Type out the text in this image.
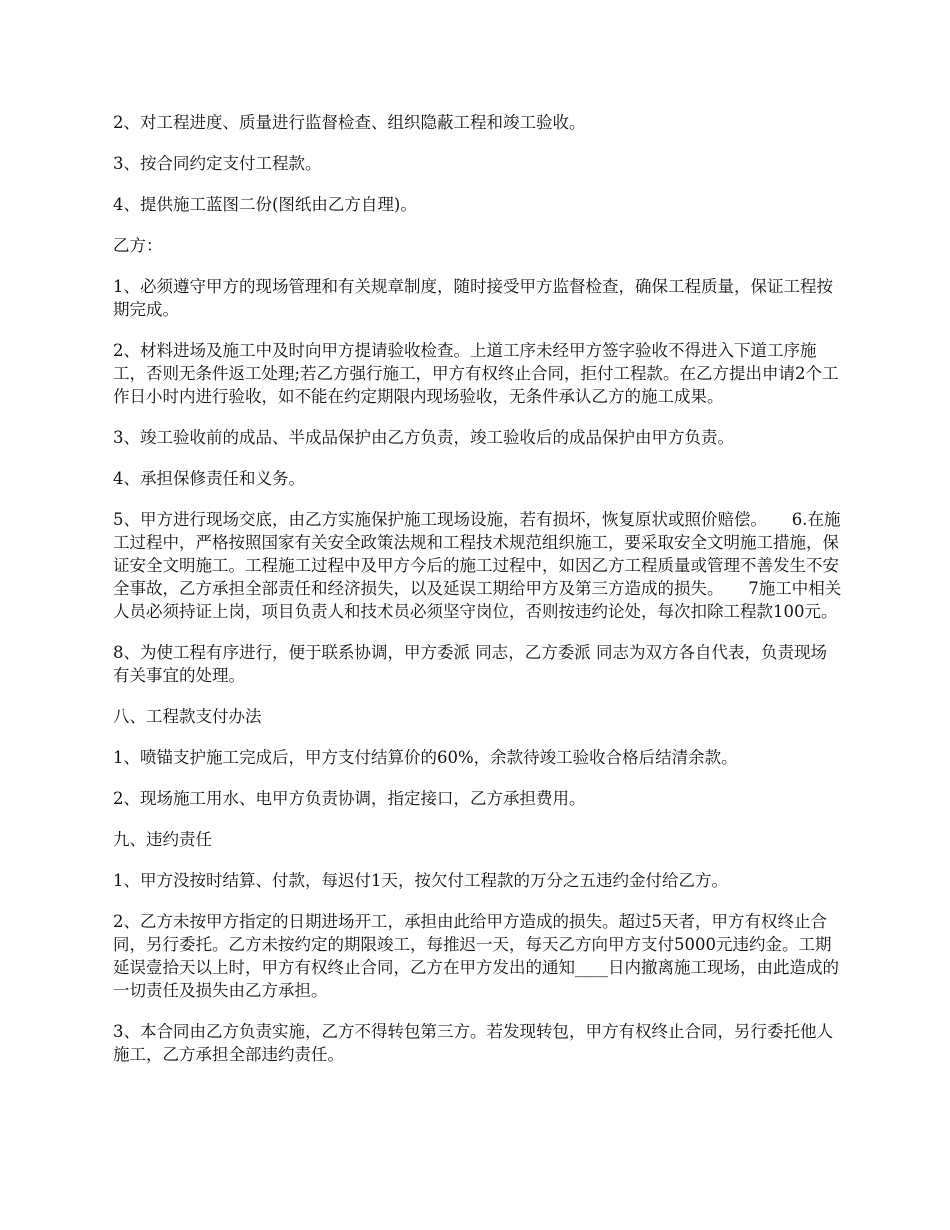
2、对工程进度、质量进行监督检查、组织隐蔽工程和竣工验收。

3、按合同约定支付工程款。

4、提供施工蓝图二份(图纸由乙方自理)。

乙方：

1、必须遵守甲方的现场管理和有关规章制度，随时接受甲方监督检查，确保工程质量，保证工程按期完成。

2、材料进场及施工中及时向甲方提请验收检查。上道工序未经甲方签字验收不得进入下道工序施工，否则无条件返工处理;若乙方强行施工，甲方有权终止合同，拒付工程款。在乙方提出申请2个工作日小时内进行验收，如不能在约定期限内现场验收，无条件承认乙方的施工成果。

3、竣工验收前的成品、半成品保护由乙方负责，竣工验收后的成品保护由甲方负责。

4、承担保修责任和义务。

5、甲方进行现场交底，由乙方实施保护施工现场设施，若有损坏，恢复原状或照价赔偿。　　6.在施工过程中，严格按照国家有关安全政策法规和工程技术规范组织施工，要采取安全文明施工措施，保证安全文明施工。工程施工过程中及甲方今后的施工过程中，如因乙方工程质量或管理不善发生不安全事故，乙方承担全部责任和经济损失，以及延误工期给甲方及第三方造成的损失。　　7施工中相关人员必须持证上岗，项目负责人和技术员必须坚守岗位，否则按违约论处，每次扣除工程款100元。

8、为使工程有序进行，便于联系协调，甲方委派 同志，乙方委派 同志为双方各自代表，负责现场有关事宜的处理。

八、工程款支付办法

1、喷锚支护施工完成后，甲方支付结算价的60%，余款待竣工验收合格后结清余款。

2、现场施工用水、电甲方负责协调，指定接口，乙方承担费用。

九、违约责任

1、甲方没按时结算、付款，每迟付1天，按欠付工程款的万分之五违约金付给乙方。

2、乙方未按甲方指定的日期进场开工，承担由此给甲方造成的损失。超过5天者，甲方有权终止合同，另行委托。乙方未按约定的期限竣工，每推迟一天，每天乙方向甲方支付5000元违约金。工期延误壹拾天以上时，甲方有权终止合同，乙方在甲方发出的通知____日内撤离施工现场，由此造成的一切责任及损失由乙方承担。

3、本合同由乙方负责实施，乙方不得转包第三方。若发现转包，甲方有权终止合同，另行委托他人施工，乙方承担全部违约责任。
